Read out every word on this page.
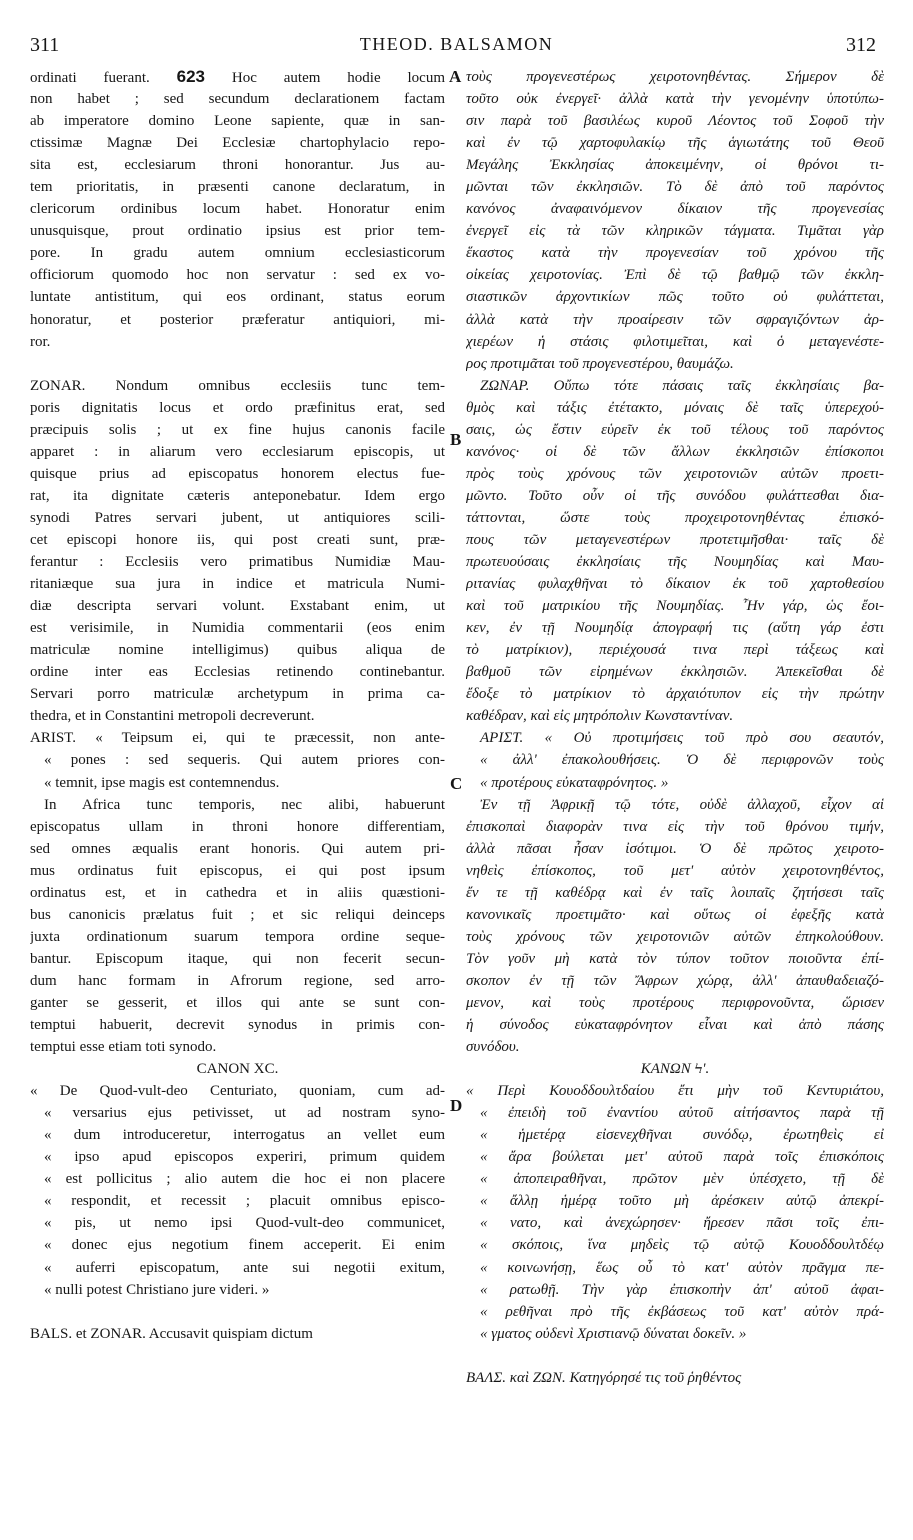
311	THEOD. BALSAMON	312
A
B
C
D
ordinati fuerant. 623 Hoc autem hodie locum
non habet ; sed secundum declarationem factam
ab imperatore domino Leone sapiente, quæ in san-
ctissimæ Magnæ Dei Ecclesiæ chartophylacio repo-
sita est, ecclesiarum throni honorantur. Jus au-
tem prioritatis, in præsenti canone declaratum, in
clericorum ordinibus locum habet. Honoratur enim
unusquisque, prout ordinatio ipsius est prior tem-
pore. In gradu autem omnium ecclesiasticorum
officiorum quomodo hoc non servatur : sed ex vo-
luntate antistitum, qui eos ordinant, status eorum
honoratur, et posterior præferatur antiquiori, mi-
ror.
ZONAR. Nondum omnibus ecclesiis tunc tem-
poris dignitatis locus et ordo præfinitus erat, sed
præcipuis solis ; ut ex fine hujus canonis facile
apparet : in aliarum vero ecclesiarum episcopis, ut
quisque prius ad episcopatus honorem electus fue-
rat, ita dignitate cæteris anteponebatur. Idem ergo
synodi Patres servari jubent, ut antiquiores scili-
cet episcopi honore iis, qui post creati sunt, præ-
ferantur : Ecclesiis vero primatibus Numidiæ Mau-
ritaniæque sua jura in indice et matricula Numi-
diæ descripta servari volunt. Exstabant enim, ut
est verisimile, in Numidia commentarii (eos enim
matriculæ nomine intelligimus) quibus aliqua de
ordine inter eas Ecclesias retinendo continebantur.
Servari porro matriculæ archetypum in prima ca-
thedra, et in Constantini metropoli decreverunt.
ARIST. « Teipsum ei, qui te præcessit, non ante-
« pones : sed sequeris. Qui autem priores con-
« temnit, ipse magis est contemnendus.
In Africa tunc temporis, nec alibi, habuerunt
episcopatus ullam in throni honore differentiam,
sed omnes æqualis erant honoris. Qui autem pri-
mus ordinatus fuit episcopus, ei qui post ipsum
ordinatus est, et in cathedra et in aliis quæstioni-
bus canonicis prælatus fuit ; et sic reliqui deinceps
juxta ordinationum suarum tempora ordine seque-
bantur. Episcopum itaque, qui non fecerit secun-
dum hanc formam in Afrorum regione, sed arro-
ganter se gesserit, et illos qui ante se sunt con-
temptui habuerit, decrevit synodus in primis con-
temptui esse etiam toti synodo.
CANON XC.
« De Quod-vult-deo Centuriato, quoniam, cum ad-
« versarius ejus petivisset, ut ad nostram syno-
« dum introduceretur, interrogatus an vellet eum
« ipso apud episcopos experiri, primum quidem
« est pollicitus ; alio autem die hoc ei non placere
« respondit, et recessit ; placuit omnibus episco-
« pis, ut nemo ipsi Quod-vult-deo communicet,
« donec ejus negotium finem acceperit. Ei enim
« auferri episcopatum, ante sui negotii exitum,
« nulli potest Christiano jure videri. »
BALS. et ZONAR. Accusavit quispiam dictum
τοὺς προγενεστέρως χειροτονηθέντας. Σήμερον δὲ
τοῦτο οὐκ ἐνεργεῖ· ἀλλὰ κατὰ τὴν γενομένην ὑποτύπω-
σιν παρὰ τοῦ βασιλέως κυροῦ Λέοντος τοῦ Σοφοῦ τὴν
καὶ ἐν τῷ χαρτοφυλακίῳ τῆς ἁγιωτάτης τοῦ Θεοῦ
Μεγάλης Ἐκκλησίας ἀποκειμένην, οἱ θρόνοι τι-
μῶνται τῶν ἐκκλησιῶν. Τὸ δὲ ἀπὸ τοῦ παρόντος
κανόνος ἀναφαινόμενον δίκαιον τῆς προγενεσίας
ἐνεργεῖ εἰς τὰ τῶν κληρικῶν τάγματα. Τιμᾶται γὰρ
ἕκαστος κατὰ τὴν προγενεσίαν τοῦ χρόνου τῆς
οἰκείας χειροτονίας. Ἐπὶ δὲ τῷ βαθμῷ τῶν ἐκκλη-
σιαστικῶν ἀρχοντικίων πῶς τοῦτο οὐ φυλάττεται,
ἀλλὰ κατὰ τὴν προαίρεσιν τῶν σφραγιζόντων ἀρ-
χιερέων ἡ στάσις φιλοτιμεῖται, καὶ ὁ μεταγενέστε-
ρος προτιμᾶται τοῦ προγενεστέρου, θαυμάζω.
ΖΩΝΑΡ. Οὔπω τότε πάσαις ταῖς ἐκκλησίαις βα-
θμὸς καὶ τάξις ἐτέτακτο, μόναις δὲ ταῖς ὑπερεχού-
σαις, ὡς ἔστιν εὑρεῖν ἐκ τοῦ τέλους τοῦ παρόντος
κανόνος· οἱ δὲ τῶν ἄλλων ἐκκλησιῶν ἐπίσκοποι
πρὸς τοὺς χρόνους τῶν χειροτονιῶν αὐτῶν προετι-
μῶντο. Τοῦτο οὖν οἱ τῆς συνόδου φυλάττεσθαι δια-
τάττονται, ὥστε τοὺς προχειροτονηθέντας ἐπισκό-
πους τῶν μεταγενεστέρων προτετιμῆσθαι· ταῖς δὲ
πρωτευούσαις ἐκκλησίαις τῆς Νουμηδίας καὶ Μαυ-
ριτανίας φυλαχθῆναι τὸ δίκαιον ἐκ τοῦ χαρτοθεσίου
καὶ τοῦ ματρικίου τῆς Νουμηδίας. Ἦν γάρ, ὡς ἔοι-
κεν, ἐν τῇ Νουμηδίᾳ ἀπογραφή τις (αὕτη γάρ ἐστι
τὸ ματρίκιον), περιέχουσά τινα περὶ τάξεως καὶ
βαθμοῦ τῶν εἰρημένων ἐκκλησιῶν. Ἀπεκεῖσθαι δὲ
ἔδοξε τὸ ματρίκιον τὸ ἀρχαιότυπον εἰς τὴν πρώτην
καθέδραν, καὶ εἰς μητρόπολιν Κωνσταντίναν.
ΑΡΙΣΤ. « Οὐ προτιμήσεις τοῦ πρὸ σου σεαυτόν,
« ἀλλ' ἐπακολουθήσεις. Ὁ δὲ περιφρονῶν τοὺς
« προτέρους εὐκαταφρόνητος. »
Ἐν τῇ Ἀφρικῇ τῷ τότε, οὐδὲ ἀλλαχοῦ, εἶχον αἱ
ἐπισκοπαὶ διαφορὰν τινα εἰς τὴν τοῦ θρόνου τιμήν,
ἀλλὰ πᾶσαι ἦσαν ἰσότιμοι. Ὁ δὲ πρῶτος χειροτο-
νηθεὶς ἐπίσκοπος, τοῦ μετ' αὐτὸν χειροτονηθέντος,
ἔν τε τῇ καθέδρᾳ καὶ ἐν ταῖς λοιπαῖς ζητήσεσι ταῖς
κανονικαῖς προετιμᾶτο· καὶ οὕτως οἱ ἐφεξῆς κατὰ
τοὺς χρόνους τῶν χειροτονιῶν αὐτῶν ἐπηκολούθουν.
Τὸν γοῦν μὴ κατὰ τὸν τύπον τοῦτον ποιοῦντα ἐπί-
σκοπον ἐν τῇ τῶν Ἄφρων χώρᾳ, ἀλλ' ἀπαυθαδειαζό-
μενον, καὶ τοὺς προτέρους περιφρονοῦντα, ὥρισεν
ἡ σύνοδος εὐκαταφρόνητον εἶναι καὶ ἀπὸ πάσης
συνόδου.
ΚΑΝΩΝ Ϟ'.
« Περὶ Κουοδδουλτδαίου ἔτι μὴν τοῦ Κεντυριάτου,
« ἐπειδὴ τοῦ ἐναντίου αὐτοῦ αἰτήσαντος παρὰ τῇ
« ἡμετέρᾳ εἰσενεχθῆναι συνόδῳ, ἐρωτηθεὶς εἰ
« ἄρα βούλεται μετ' αὐτοῦ παρὰ τοῖς ἐπισκόποις
« ἀποπειραθῆναι, πρῶτον μὲν ὑπέσχετο, τῇ δὲ
« ἄλλῃ ἡμέρᾳ τοῦτο μὴ ἀρέσκειν αὐτῷ ἀπεκρί-
« νατο, καὶ ἀνεχώρησεν· ἤρεσεν πᾶσι τοῖς ἐπι-
« σκόποις, ἵνα μηδεὶς τῷ αὐτῷ Κουοδδουλτδέῳ
« κοινωνήσῃ, ἕως οὗ τὸ κατ' αὐτὸν πρᾶγμα πε-
« ρατωθῇ. Τὴν γὰρ ἐπισκοπὴν ἀπ' αὐτοῦ ἀφαι-
« ρεθῆναι πρὸ τῆς ἐκβάσεως τοῦ κατ' αὐτὸν πρά-
« γματος οὐδενὶ Χριστιανῷ δύναται δοκεῖν. »
ΒΑΛΣ. καὶ ΖΩΝ. Κατηγόρησέ τις τοῦ ῥηθέντος
